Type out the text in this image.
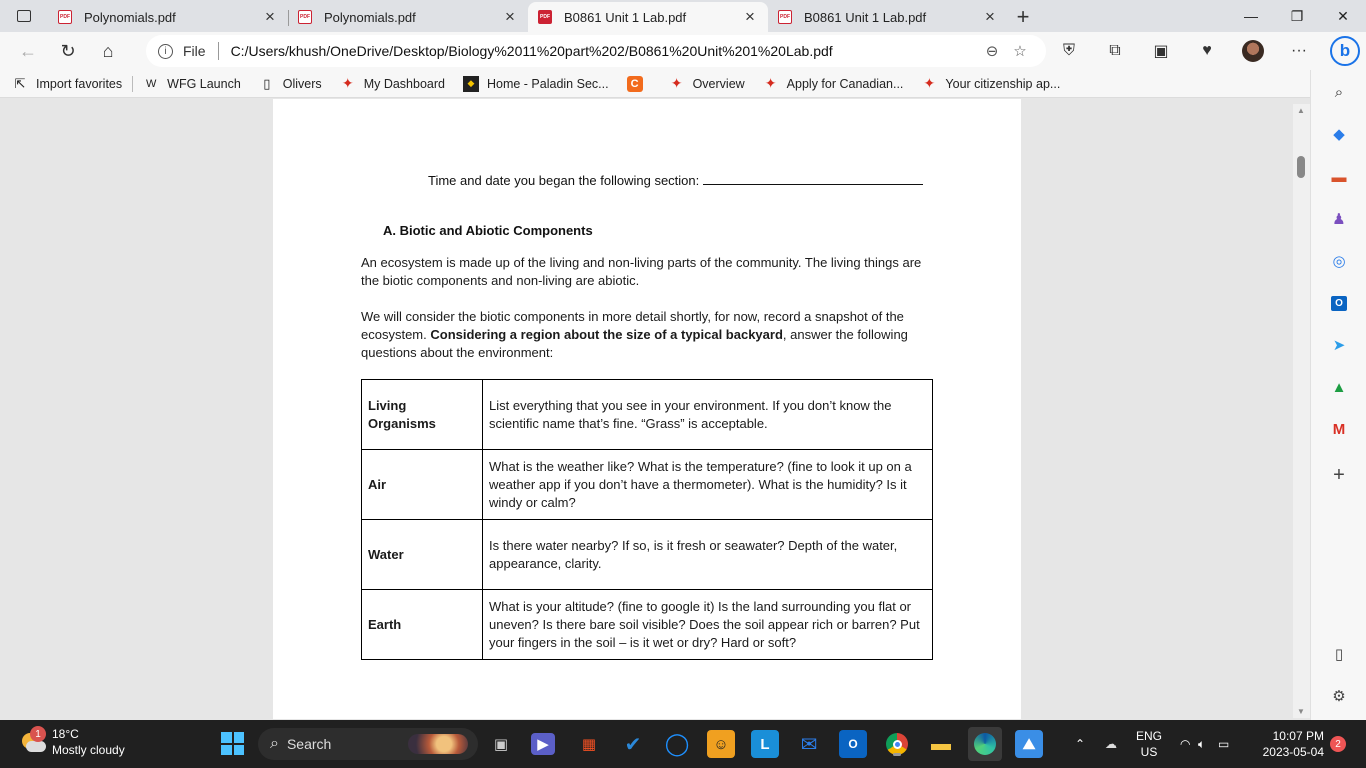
PDF Polynomials.pdf	×	PDF Polynomials.pdf	×	PDF B0861 Unit 1 Lab.pdf	×	PDF B0861 Unit 1 Lab.pdf	× +	—	❐	✕
←	↻	⌂	i	File C:/Users/khush/OneDrive/Desktop/Biology%2011%20part%202/B0861%20Unit%201%20Lab.pdf	⊖ ☆	⛨	⧉	▣	♥	···	b
⇱ Import favorites W WFG Launch	▯ Olivers ✦ My Dashboard	◆	Home - Paladin Sec...	C ✦ Overview ✦ Apply for Canadian... ✦ Your citizenship ap...
Time and date you began the following section:
A. Biotic and Abiotic Components
An ecosystem is made up of the living and non-living parts of the community. The living things are the biotic components and non-living are abiotic.
We will consider the biotic components in more detail shortly, for now, record a snapshot of the ecosystem. Considering a region about the size of a typical backyard, answer the following questions about the environment:
Living Organisms	List everything that you see in your environment. If you don’t know the scientific name that’s fine. “Grass” is acceptable.
Air	What is the weather like? What is the temperature? (fine to look it up on a weather app if you don’t have a thermometer). What is the humidity? Is it windy or calm?
Water	Is there water nearby? If so, is it fresh or seawater? Depth of the water, appearance, clarity.
Earth	What is your altitude? (fine to google it) Is the land surrounding you flat or uneven? Is there bare soil visible? Does the soil appear rich or barren? Put your fingers in the soil – is it wet or dry? Hard or soft?
▲
▼
⌕
◆
▬
♟
◎
O
➤
▲
M
+
▯
⚙
1 18°C
Mostly cloudy	⌕ Search	▣	▶	▦	✔ ◯	☺	L	✉	O	▬	⛰	⌃	☁
ENG
US
◠ 🔈︎	▭
10:07 PM
2023-05-04
2
